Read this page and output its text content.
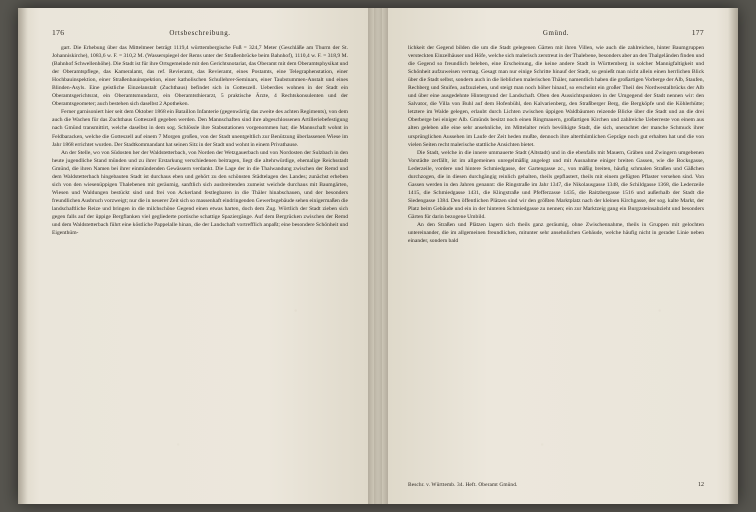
176	Ortsbeschreibung.

gart. Die Erhebung über das Mittelmeer beträgt 1119,4 württembergische Fuß = 324,7 Meter (Geschläße am Thurm der St. Johanniskirche), 1083,6 w. F. = 310,2 M. (Wasserspiegel der Rems unter der Straßenbrücke beim Bahnhof), 1110,4 w. F. = 318,9 M. (Bahnhof Schwellenhöhe). Die Stadt ist für ihre Ortsgemeinde mit den Gerichtsnotariat, das Oberamt mit dem Oberamtsphysikat und der Oberamtspflege, das Kameralamt, das ref. Revieramt, das Revieramt, eines Postamts, eine Telegraphenstation, einer Hochbauinspektion, einer Straßenbauinspektion, einer katholischen Schullehrer-Seminars, einer Taubstummen-Anstalt und eines Blinden-Asyls. Eine geistliche Einzelanstalt (Zuchthaus) befindet sich in Gotteszell. Ueberdies wohnen in der Stadt ein Oberamtsgerichtsrat, ein Oberamtsmundarzt, ein Oberamtsthierarzt, 5 praktische Ärzte, 4 Rechtskonsulenten und der Oberamtsgeometer; auch bestehen sich daselbst 2 Apotheken.

Ferner garnisoniert hier seit dem Oktober 1868 ein Bataillon Infanterie (gegenwärtig das zweite des achten Regiments), von dem auch die Wachen für das Zuchthaus Gotteszell gegeben werden. Den Mannschaften sind ihre abgeschlossenen Artilleriebefestigung nach Gmünd transmittirt, welche daselbst in dem sog. Schlössle ihre Stabsstationen vorgenommen hat; die Mannschaft wohnt in Feldbaracken, welche die Gotteszell auf einem 7 Morgen großen, von der Stadt unentgeltlich zur Benützung überlassenen Wiese im Jahr 1868 errichtet wurden. Der Stadtkommandant hat seinen Sitz in der Stadt und wohnt in einem Privathause.

An der Stelle, wo von Südosten her der Waldstetterbach, von Norden der Wetzgauerbach und von Nordosten der Sulzbach in den heute jugendliche Stand münden und zu ihrer Erstarkung verschiedenen beitragen, liegt die altehrwürdige, ehemalige Reichsstadt Gmünd, die ihren Namen bei ihrer einmündenden Gewässern verdankt. Die Lage der in die Thalwandung zwischen der Remd und dem Waldstetterbach hingebauten Stadt ist durchaus eben und gehört zu den schönsten Städtelagen des Landes; zunächst erheben sich von den wiesenüppigen Thalebenen mit geräumig, sanftlich sich ausbreitenden zumeist weichde durchaus mit Baumgärten, Wiesen und Waldungen bestückt sind und frei von Ackerland festlegbaren in die Thäler hinabschauen, und der besonders freundlichen Ausbruch vorzweigt; nur die in neuerer Zeit sich so massenhaft eindringenden Gewerbsgebäude sehen einigermaßen die landschaftliche Reize und bringen in die milchschöne Gegend einen etwas harten, doch dem Zug. Wörtlich der Stadt zieben sich gegen falls auf der üppige Bergflanken viel gegliederte portische schattige Spaziergänge. Auf dem Bergrücken zwischen der Remd und dem Waldstetterbach führt eine köstliche Pappelalle hinan, die der Landschaft vortrefflich anpaßt; eine besondere Schönheit und Eigenthüm-

Gmünd.	177

lichkeit der Gegend bilden die um die Stadt gelegenen Gärten mit ihren Villen, wie auch die zahlreichen, hinter Baumgruppen versteckten Einzelhäuser und Höfe, welche sich malerisch zerstreut in der Thalebene, besonders aber an den Thalgeländen finden und die Gegend so freundlich beleben, eine Erscheinung, die keine andere Stadt in Württemberg in solcher Mannigfaltigkeit und Schönheit aufzuweisen vermag. Gesagt man nur einige Schritte hinauf der Stadt, so genießt man nicht allein einen herrlichen Blick über die Stadt selbst, sondern auch in die lieblichen malerischen Thäler, namentlich haben die großartigen Vorberge der Alb, Staufen, Rechberg und Stuifen, aufzuziehen, und steigt man noch höher hinauf, so erscheint ein großer Theil des Nordwestalbrücks der Alb und über eine ausgedehnte Hintergrund der Landschaft. Oben den Aussichtspunkten in der Umgegend der Stadt nennen wir: den Salvator, die Villa von Buhl auf dem Hofenbühl, den Kalvarienberg, den Straßberger Berg, die Bergköpfe und die Köhlerhütte; letztere im Walde gelegen, erlaubt durch Lichten zwischen üppigen Waldbäumen reizende Blicke über die Stadt und an die drei Oberberge bei einiger Alb. Gmünds besitzt noch einen Ringmauern, großartigen Kirchen und zahlreiche Ueberreste von einem aus alten geleben alle eine sehr ansehnliche, im Mittelalter reich bevölkigte Stadt, die sich, unerachtet der manche Schmuck ihrer ursprünglichen Aussehen im Laufe der Zeit heden mußte, dennoch ihre alterthümlichen Gepräge noch gut erhalten hat und die von vielen Seiten recht malerische stattliche Ansichten bietet.

Die Stadt, welche in die innere ummauerte Stadt (Altstadt) und in die ebenfalls mit Mauern, Gräben und Zwingern umgebenen Vorstädte zerfällt, ist im allgemeinen unregelmäßig angelegt und mit Ausnahme einiger breiten Gassen, wie die Bocksgasse, Lederzeile, vordere und hintere Schmiedgasse, der Gartengasse zc., von mäßig breiten, häufig schmalen Straßen und Gäßchen durchzogen, die in diesen durchgängig reinlich gehalten, theils gepflastert, theils mit einem gefügten Pflaster versehen sind. Von Gassen werden in den Jahren genannt: die Ringstraße im Jahr 1347, die Nikolausgasse 1348, die Schildgasse 1368, die Lederzeile 1415, die Schmiedgasse 1431, die Klingstraße und Pfefferzasse 1435, die Raitzbergasse 1516 und außerhalb der Stadt die Siedengasse 1384. Den öffentlichen Plätzen sind wir den größten Marktplatz nach der kleinen Kirchgasse, der sog. kalte Markt, der Platz beim Gebäude und ein in der hinteren Schmiedgasse zu nennen; ein zur Marktzeig gang ein Burgzsteinsabzieht und besonders Gärten für darin bezogene Umbild.

An den Straßen und Plätzen lagern sich theils ganz geräumig, ohne Zwischennahme, theils in Gruppen mit gelochten untereinander, die im allgemeinen freundlichen, mitunter sehr ansehnlichen Gebäude, welche häufig nicht in gerader Linie neben einander, sondern bald

Beschr. v. Württemb. 34. Heft. Oberamt Gmünd.	12
